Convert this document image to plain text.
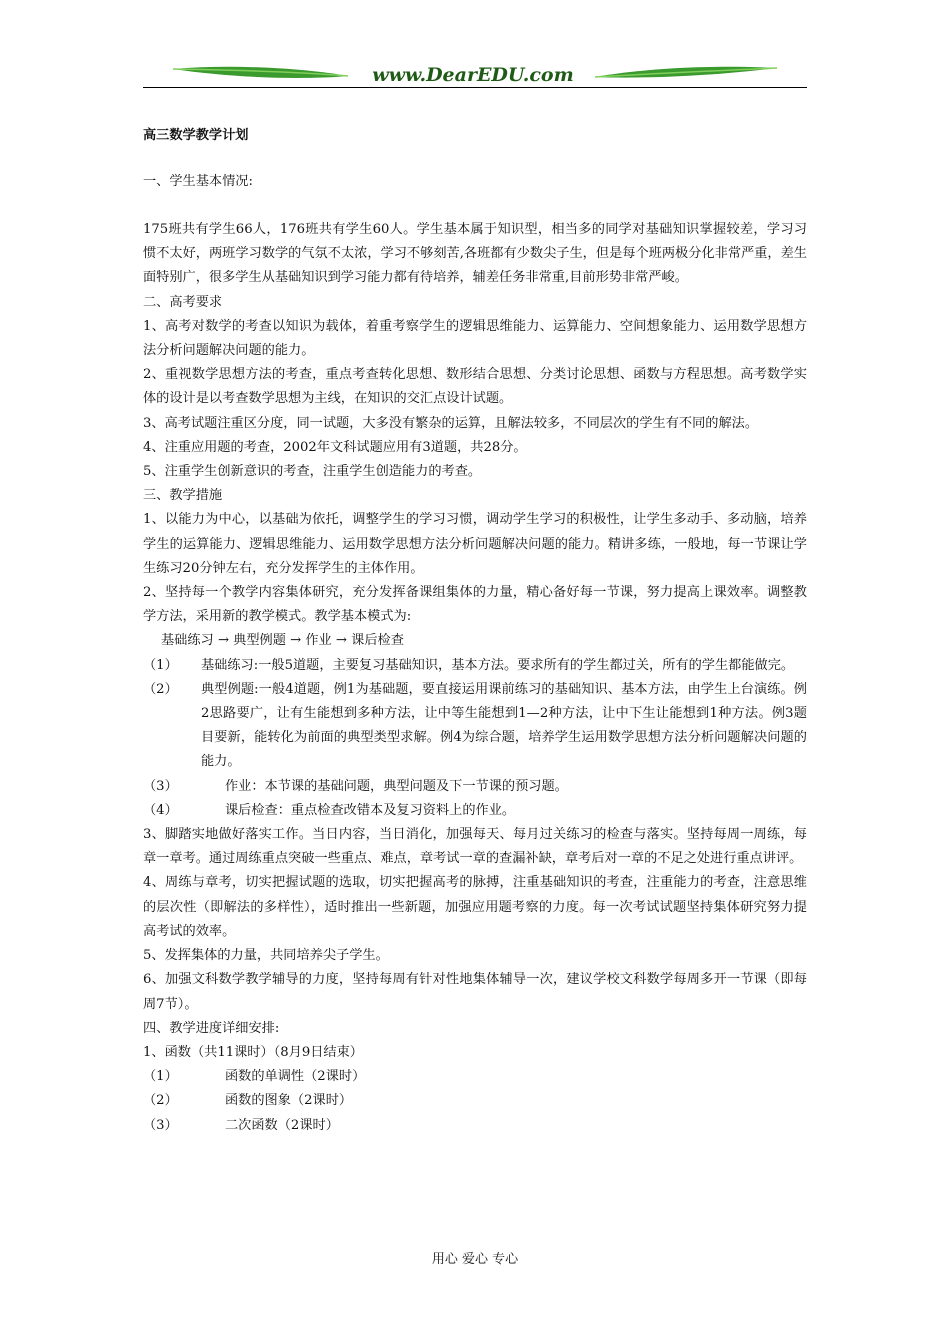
www.DearEDU.com
高三数学教学计划
一、学生基本情况:

175班共有学生66人，176班共有学生60人。学生基本属于知识型，相当多的同学对基础知识掌握较差，学习习惯不太好，两班学习数学的气氛不太浓，学习不够刻苦,各班都有少数尖子生，但是每个班两极分化非常严重，差生面特别广，很多学生从基础知识到学习能力都有待培养，辅差任务非常重,目前形势非常严峻。

二、高考要求

1、高考对数学的考查以知识为载体，着重考察学生的逻辑思维能力、运算能力、空间想象能力、运用数学思想方法分析问题解决问题的能力。

2、重视数学思想方法的考查，重点考查转化思想、数形结合思想、分类讨论思想、函数与方程思想。高考数学实体的设计是以考查数学思想为主线，在知识的交汇点设计试题。

3、高考试题注重区分度，同一试题，大多没有繁杂的运算，且解法较多，不同层次的学生有不同的解法。

4、注重应用题的考查，2002年文科试题应用有3道题，共28分。

5、注重学生创新意识的考查，注重学生创造能力的考查。

三、教学措施

1、以能力为中心，以基础为依托，调整学生的学习习惯，调动学生学习的积极性，让学生多动手、多动脑，培养学生的运算能力、逻辑思维能力、运用数学思想方法分析问题解决问题的能力。精讲多练，一般地，每一节课让学生练习20分钟左右，充分发挥学生的主体作用。

2、坚持每一个教学内容集体研究，充分发挥备课组集体的力量，精心备好每一节课，努力提高上课效率。调整教学方法，采用新的教学模式。教学基本模式为:

基础练习 → 典型例题 → 作业 → 课后检查

（1）	基础练习:一般5道题，主要复习基础知识，基本方法。要求所有的学生都过关，所有的学生都能做完。

（2）	典型例题:一般4道题，例1为基础题，要直接运用课前练习的基础知识、基本方法，由学生上台演练。例2思路要广，让有生能想到多种方法，让中等生能想到1—2种方法，让中下生让能想到1种方法。例3题目要新，能转化为前面的典型类型求解。例4为综合题，培养学生运用数学思想方法分析问题解决问题的能力。

（3）	作业：本节课的基础问题，典型问题及下一节课的预习题。

（4）	课后检查：重点检查改错本及复习资料上的作业。

3、脚踏实地做好落实工作。当日内容，当日消化，加强每天、每月过关练习的检查与落实。坚持每周一周练，每章一章考。通过周练重点突破一些重点、难点，章考试一章的查漏补缺，章考后对一章的不足之处进行重点讲评。

4、周练与章考，切实把握试题的选取，切实把握高考的脉搏，注重基础知识的考查，注重能力的考查，注意思维的层次性（即解法的多样性），适时推出一些新题，加强应用题考察的力度。每一次考试试题坚持集体研究努力提高考试的效率。

5、发挥集体的力量，共同培养尖子学生。

6、加强文科数学教学辅导的力度，坚持每周有针对性地集体辅导一次，建议学校文科数学每周多开一节课（即每周7节）。

四、教学进度详细安排:

1、函数（共11课时）（8月9日结束）

（1）	函数的单调性（2课时）

（2）	函数的图象（2课时）

（3）	二次函数（2课时）

用心 爱心 专心
